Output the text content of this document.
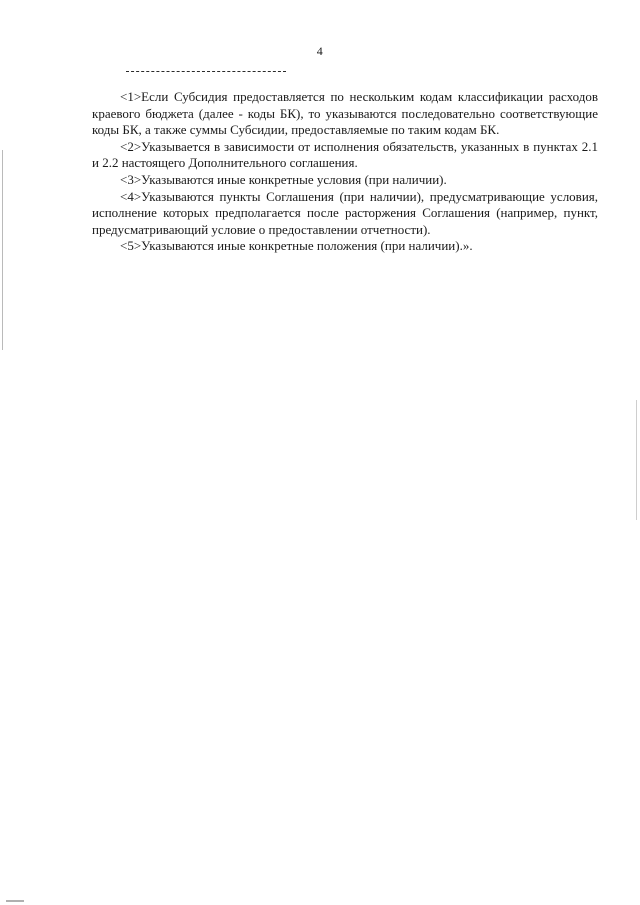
4

<1>Если Субсидия предоставляется по нескольким кодам классификации расходов краевого бюджета (далее - коды БК), то указываются последовательно соответствующие коды БК, а также суммы Субсидии, предоставляемые по таким кодам БК.

<2>Указывается в зависимости от исполнения обязательств, указанных в пунктах 2.1 и 2.2 настоящего Дополнительного соглашения.

<3>Указываются иные конкретные условия (при наличии).

<4>Указываются пункты Соглашения (при наличии), предусматривающие условия, исполнение которых предполагается после расторжения Соглашения (например, пункт, предусматривающий условие о предоставлении отчетности).

<5>Указываются иные конкретные положения (при наличии).».
